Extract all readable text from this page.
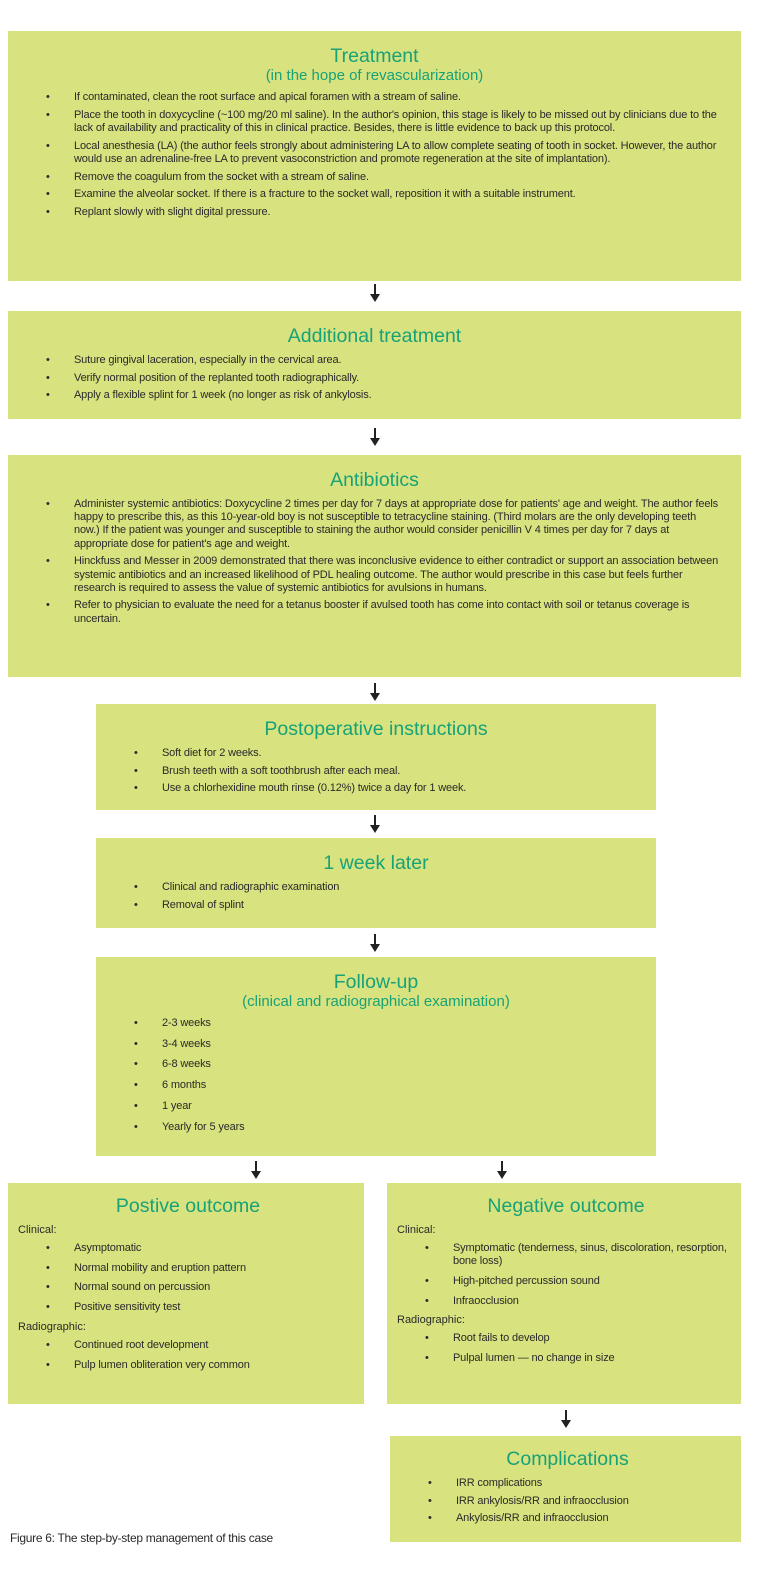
Treatment
(in the hope of revascularization)
• If contaminated, clean the root surface and apical foramen with a stream of saline.
• Place the tooth in doxycycline (~100 mg/20 ml saline). In the author's opinion, this stage is likely to be missed out by clinicians due to the lack of availability and practicality of this in clinical practice. Besides, there is little evidence to back up this protocol.
• Local anesthesia (LA) (the author feels strongly about administering LA to allow complete seating of tooth in socket. However, the author would use an adrenaline-free LA to prevent vasoconstriction and promote regeneration at the site of implantation).
• Remove the coagulum from the socket with a stream of saline.
• Examine the alveolar socket. If there is a fracture to the socket wall, reposition it with a suitable instrument.
• Replant slowly with slight digital pressure.
Additional treatment
• Suture gingival laceration, especially in the cervical area.
• Verify normal position of the replanted tooth radiographically.
• Apply a flexible splint for 1 week (no longer as risk of ankylosis.
Antibiotics
• Administer systemic antibiotics: Doxycycline 2 times per day for 7 days at appropriate dose for patients' age and weight. The author feels happy to prescribe this, as this 10-year-old boy is not susceptible to tetracycline staining. (Third molars are the only developing teeth now.) If the patient was younger and susceptible to staining the author would consider penicillin V 4 times per day for 7 days at appropriate dose for patient's age and weight.
• Hinckfuss and Messer in 2009 demonstrated that there was inconclusive evidence to either contradict or support an association between systemic antibiotics and an increased likelihood of PDL healing outcome. The author would prescribe in this case but feels further research is required to assess the value of systemic antibiotics for avulsions in humans.
• Refer to physician to evaluate the need for a tetanus booster if avulsed tooth has come into contact with soil or tetanus coverage is uncertain.
Postoperative instructions
• Soft diet for 2 weeks.
• Brush teeth with a soft toothbrush after each meal.
• Use a chlorhexidine mouth rinse (0.12%) twice a day for 1 week.
1 week later
• Clinical and radiographic examination
• Removal of splint
Follow-up
(clinical and radiographical examination)
• 2-3 weeks
• 3-4 weeks
• 6-8 weeks
• 6 months
• 1 year
• Yearly for 5 years
Postive outcome
Clinical:
• Asymptomatic
• Normal mobility and eruption pattern
• Normal sound on percussion
• Positive sensitivity test
Radiographic:
• Continued root development
• Pulp lumen obliteration very common
Negative outcome
Clinical:
• Symptomatic (tenderness, sinus, discoloration, resorption, bone loss)
• High-pitched percussion sound
• Infraocclusion
Radiographic:
• Root fails to develop
• Pulpal lumen — no change in size
Complications
• IRR complications
• IRR ankylosis/RR and infraocclusion
• Ankylosis/RR and infraocclusion
Figure 6: The step-by-step management of this case
